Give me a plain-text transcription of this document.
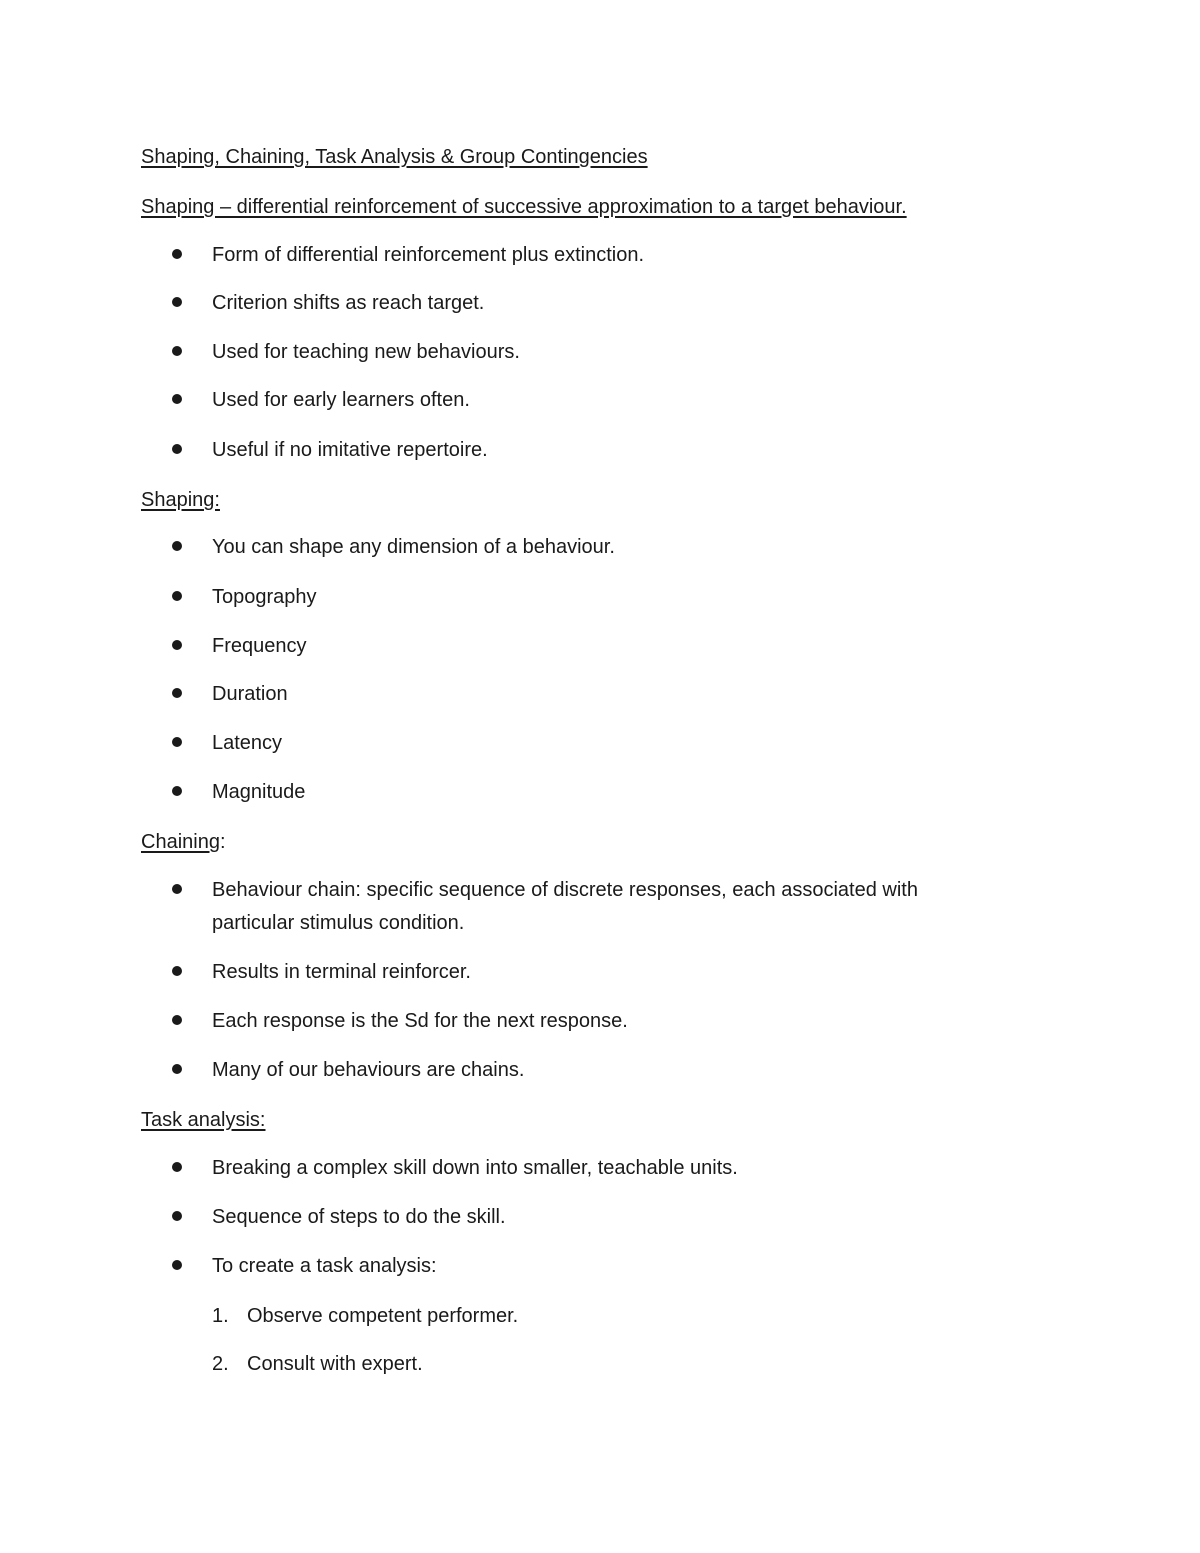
Shaping, Chaining, Task Analysis & Group Contingencies
Shaping – differential reinforcement of successive approximation to a target behaviour.
Form of differential reinforcement plus extinction.
Criterion shifts as reach target.
Used for teaching new behaviours.
Used for early learners often.
Useful if no imitative repertoire.
Shaping:
You can shape any dimension of a behaviour.
Topography
Frequency
Duration
Latency
Magnitude
Chaining:
Behaviour chain: specific sequence of discrete responses, each associated with particular stimulus condition.
Results in terminal reinforcer.
Each response is the Sd for the next response.
Many of our behaviours are chains.
Task analysis:
Breaking a complex skill down into smaller, teachable units.
Sequence of steps to do the skill.
To create a task analysis:
1. Observe competent performer.
2. Consult with expert.
